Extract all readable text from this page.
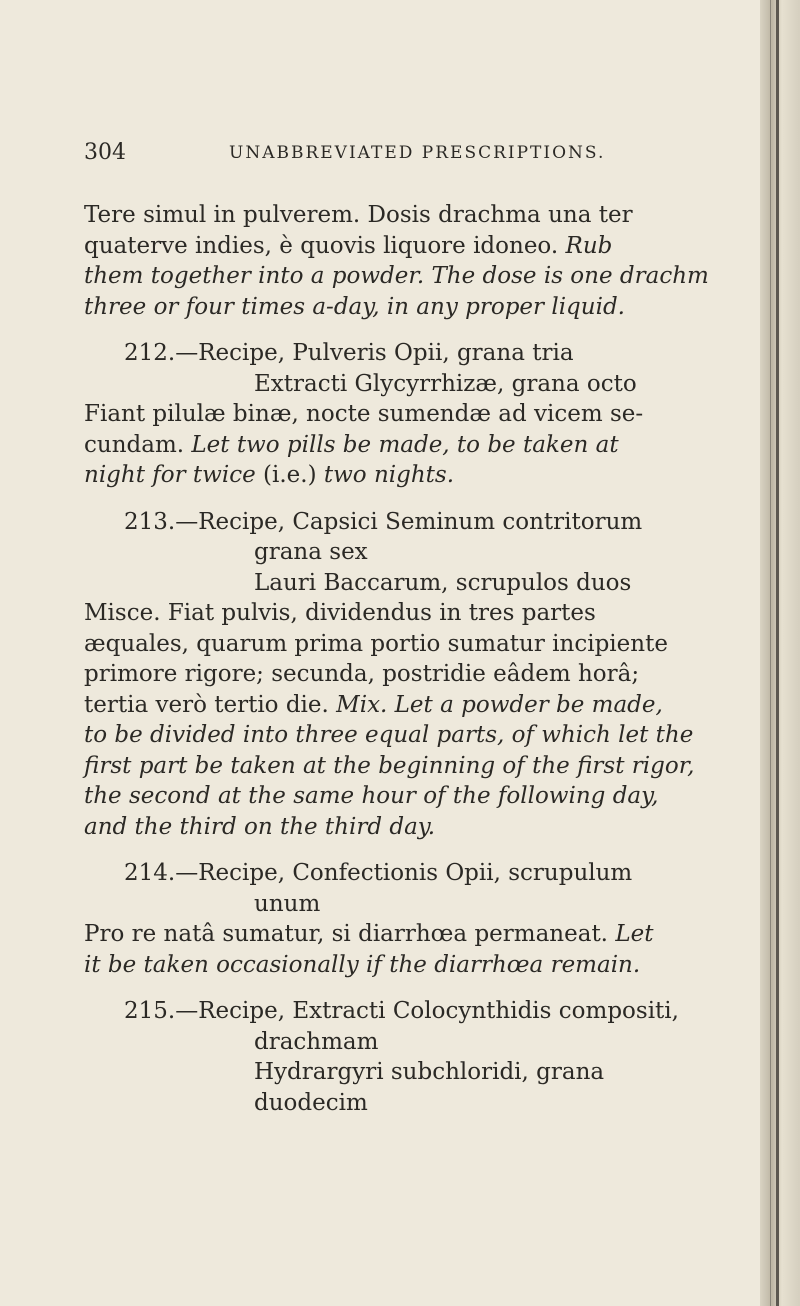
304	UNABBREVIATED PRESCRIPTIONS.
Tere simul in pulverem. Dosis drachma una ter
quaterve indies, è quovis liquore idoneo. Rub
them together into a powder. The dose is one drachm
three or four times a-day, in any proper liquid.
212.—Recipe, Pulveris Opii, grana tria
Extracti Glycyrrhizæ, grana octo
Fiant pilulæ binæ, nocte sumendæ ad vicem se-
cundam. Let two pills be made, to be taken at
night for twice (i.e.) two nights.
213.—Recipe, Capsici Seminum contritorum
grana sex
Lauri Baccarum, scrupulos duos
Misce. Fiat pulvis, dividendus in tres partes
æquales, quarum prima portio sumatur incipiente
primore rigore; secunda, postridie eâdem horâ;
tertia verò tertio die. Mix. Let a powder be made,
to be divided into three equal parts, of which let the
first part be taken at the beginning of the first rigor,
the second at the same hour of the following day,
and the third on the third day.
214.—Recipe, Confectionis Opii, scrupulum
unum
Pro re natâ sumatur, si diarrhœa permaneat. Let
it be taken occasionally if the diarrhœa remain.
215.—Recipe, Extracti Colocynthidis compositi,
drachmam
Hydrargyri subchloridi, grana
duodecim
